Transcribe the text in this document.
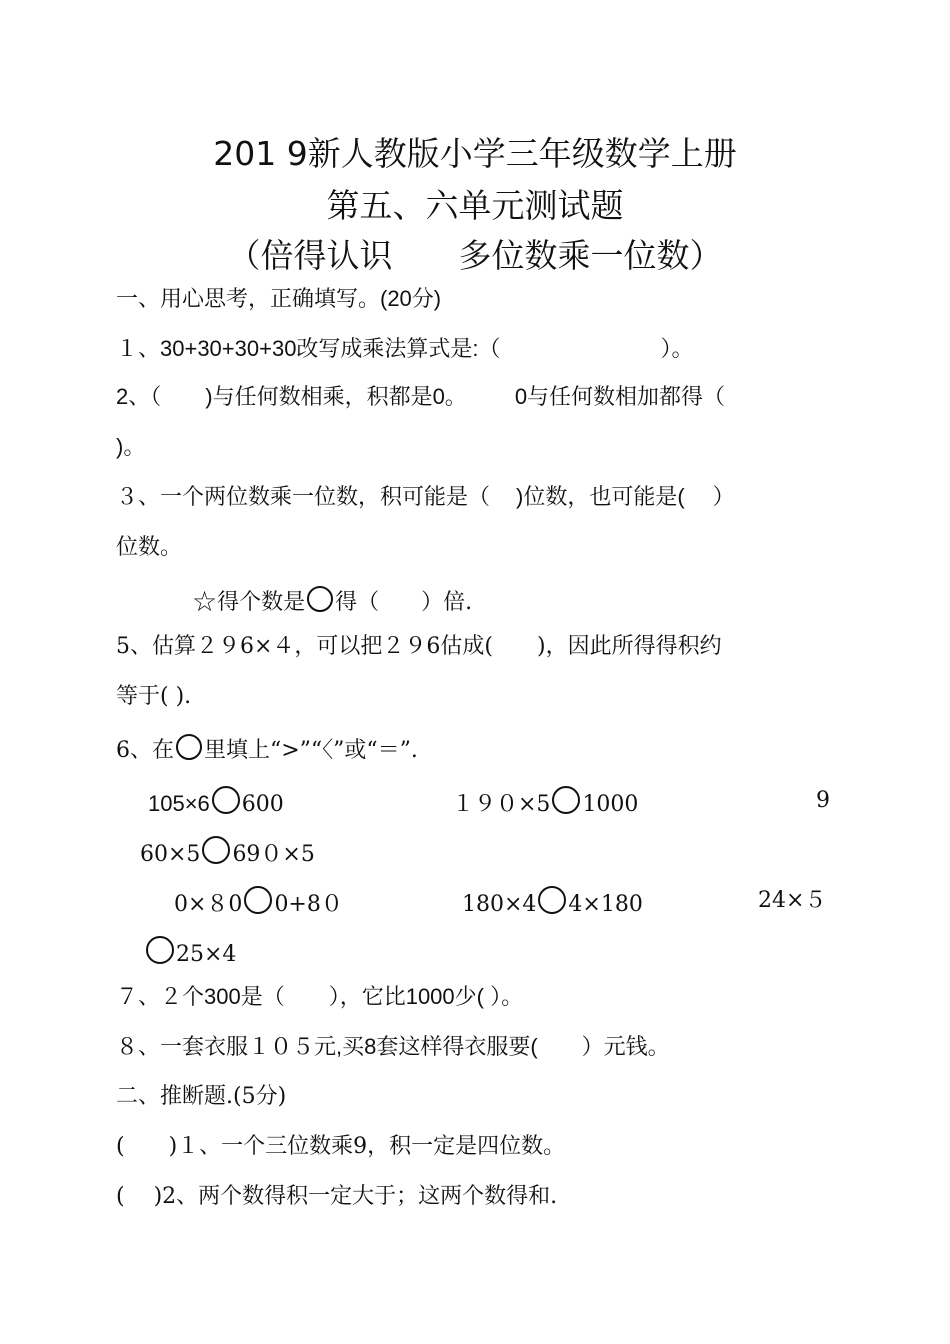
201 9新人教版小学三年级数学上册
第五、六单元测试题
（倍得认识　　多位数乘一位数）
一、用心思考，正确填写。(20分)
１、30+30+30+30改写成乘法算式是:（	）。
2、（ )与任何数相乘，积都是0。 0与任何数相加都得（
)。
３、一个两位数乘一位数，积可能是（ )位数，也可能是( ）
位数。
☆得个数是 得（ ）倍.
5、估算２９6×４，可以把２９6估成(　　)，因此所得得积约
等于( ).
6、在 里填上“>”“〈”或“＝”.
105×6 600	１９０×5 1000	9
60×5 69０×5
0×８0 0+8０	180×4 4×180	24×５
25×4
７、２个300是（　　），它比1000少( ）。
８、一套衣服１０５元,买8套这样得衣服要(　　）元钱。
二、推断题.(5分)
(　　)１、一个三位数乘9，积一定是四位数。
(　 )2、两个数得积一定大于；这两个数得和.
